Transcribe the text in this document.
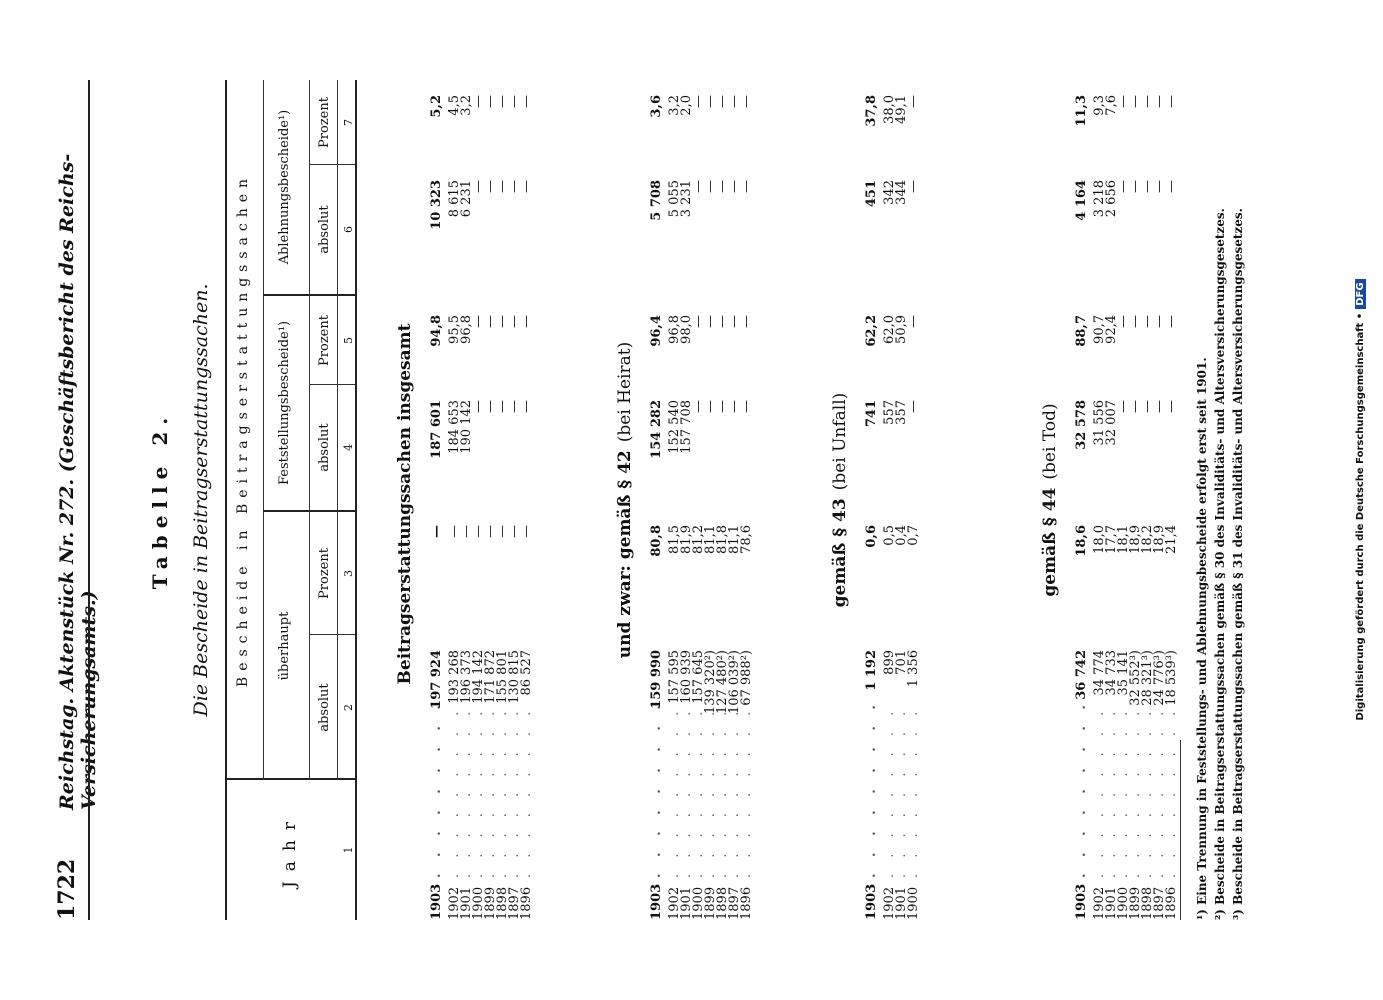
1722
Reichstag. Aktenstück Nr. 272. (Geschäftsbericht des Reichs-Versicherungsamts.)
Tabelle 2. Die Bescheide in Beitragserstattungssachen.
Jahr
Bescheide in Beitragserstattungssachen überhaupt
Feststellungsbescheide¹)
Ablehnungsbescheide¹)
absolut
Prozent
absolut
Prozent
absolut
Prozent
1
2
3
4
5
6
7
Beitragserstattungssachen insgesamt
1903
. . . . . . . . .
197 924
—
187 601
94,8
10 323
5,2
1902
. . . . . . . . .
193 268
—
184 653
95,5
8 615
4,5
1901
. . . . . . . . .
196 373
—
190 142
96,8
6 231
3,2
1900
. . . . . . . . .
194 142
—
—
—
—
—
1899
. . . . . . . . .
171 872
—
—
—
—
—
1898
. . . . . . . . .
155 801
—
—
—
—
—
1897
. . . . . . . . .
130 815
—
—
—
—
—
1896
. . . . . . . . .
86 527
—
—
—
—
—
und zwar: gemäß § 42(bei Heirat)
1903
. . . . . . . . .
159 990
80,8
154 282
96,4
5 708
3,6
1902
. . . . . . . . .
157 595
81,5
152 540
96,8
5 055
3,2
1901
. . . . . . . . .
160 939
81,9
157 708
98,0
3 231
2,0
1900
. . . . . . . . .
157 645
81,2
—
—
—
—
1899
. . . . . . . . .
139 320²)
81,1
—
—
—
—
1898
. . . . . . . . .
127 480²)
81,8
—
—
—
—
1897
. . . . . . . . .
106 039²)
81,1
—
—
—
—
1896
. . . . . . . . .
67 988²)
78,6
—
—
—
—
gemäß § 43(bei Unfall)
1903
. . . . . . . . .
1 192
0,6
741
62,2
451
37,8
1902
. . . . . . . . .
899
0,5
557
62,0
342
38,0
1901
. . . . . . . . .
701
0,4
357
50,9
344
49,1
1900
. . . . . . . . .
1 356
0,7
—
—
—
—
gemäß § 44(bei Tod)
1903
. . . . . . . . .
36 742
18,6
32 578
88,7
4 164
11,3
1902
. . . . . . . . .
34 774
18,0
31 556
90,7
3 218
9,3
1901
. . . . . . . . .
34 733
17,7
32 007
92,4
2 656
7,6
1900
. . . . . . . . .
35 141
18,1
—
—
—
—
1899
. . . . . . . . .
32 552³)
18,9
—
—
—
—
1898
. . . . . . . . .
28 321³)
18,2
—
—
—
—
1897
. . . . . . . . .
24 776³)
18,9
—
—
—
—
1896
. . . . . . . . .
18 539³)
21,4
—
—
—
—
¹) Eine Trennung in Feststellungs- und Ablehnungsbescheide erfolgt erst seit 1901. ²) Bescheide in Beitragserstattungssachen gemäß § 30 des Invaliditäts- und Altersversicherungsgesetzes. ³) Bescheide in Beitragserstattungssachen gemäß § 31 des Invaliditäts- und Altersversicherungsgesetzes.	Digitalisierung gefördert durch die Deutsche Forschungsgemeinschaft •DFG
